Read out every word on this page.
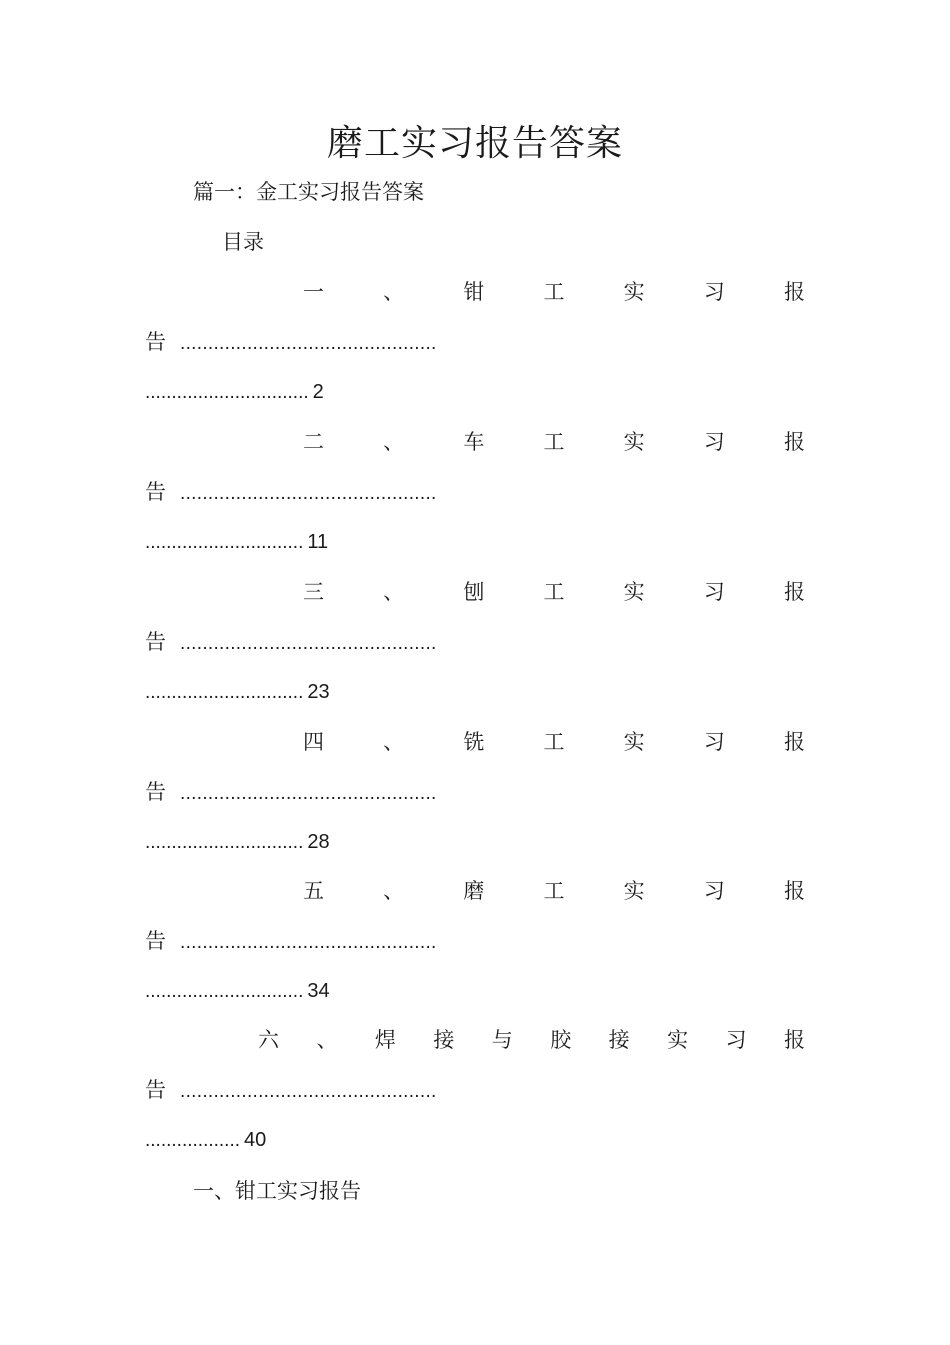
磨工实习报告答案
篇一：金工实习报告答案
目录
一	、	钳	工	实	习	报
告 ..............................................
............................... 2
二	、	车	工	实	习	报
告 ..............................................
.............................. 11
三	、	刨	工	实	习	报
告 ..............................................
.............................. 23
四	、	铣	工	实	习	报
告 ..............................................
.............................. 28
五	、	磨	工	实	习	报
告 ..............................................
.............................. 34
六 、 焊 接 与 胶 接 实 习 报
告 ..............................................
.................. 40
一、钳工实习报告
